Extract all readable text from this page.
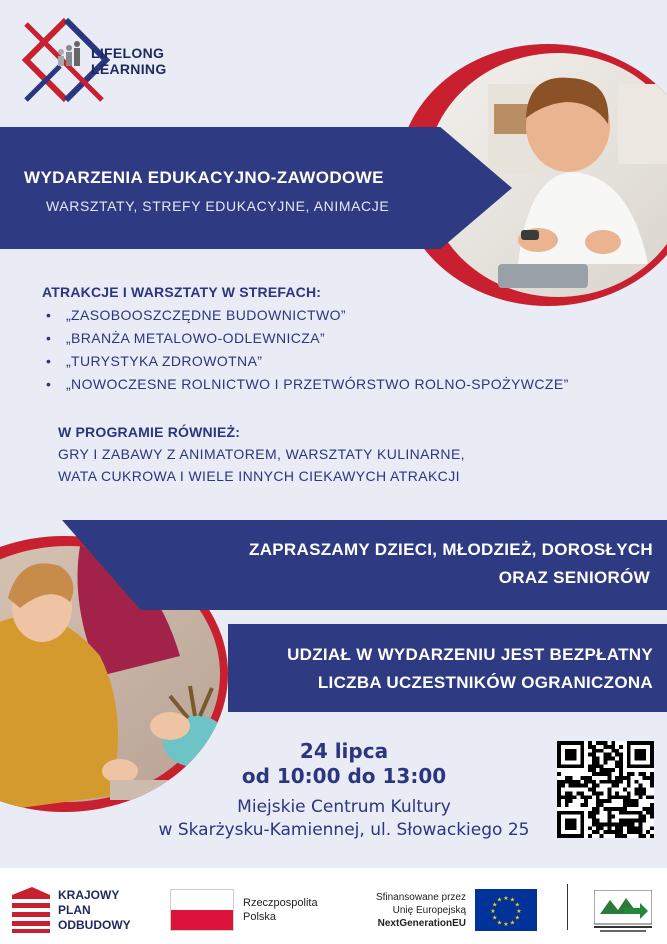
LIFELONG
LEARNING
WYDARZENIA EDUKACYJNO-ZAWODOWE
WARSZTATY, STREFY EDUKACYJNE, ANIMACJE
ATRAKCJE I WARSZTATY W STREFACH:
• „ZASOBOOSZCZĘDNE BUDOWNICTWO”
• „BRANŻA METALOWO-ODLEWNICZA”
• „TURYSTYKA ZDROWOTNA”
• „NOWOCZESNE ROLNICTWO I PRZETWÓRSTWO ROLNO-SPOŻYWCZE”
W PROGRAMIE RÓWNIEŻ:
GRY I ZABAWY Z ANIMATOREM, WARSZTATY KULINARNE,
WATA CUKROWA I WIELE INNYCH CIEKAWYCH ATRAKCJI
ZAPRASZAMY DZIECI, MŁODZIEŻ, DOROSŁYCH
ORAZ SENIORÓW
UDZIAŁ W WYDARZENIU JEST BEZPŁATNY
LICZBA UCZESTNIKÓW OGRANICZONA
24 lipca
od 10:00 do 13:00
Miejskie Centrum Kultury
w Skarżysku-Kamiennej, ul. Słowackiego 25
KRAJOWY
PLAN
ODBUDOWY
Rzeczpospolita
Polska
Sfinansowane przez
Unię Europejską
NextGenerationEU
★
★
★
★
★
★
★
★
★ ★ ★
★
